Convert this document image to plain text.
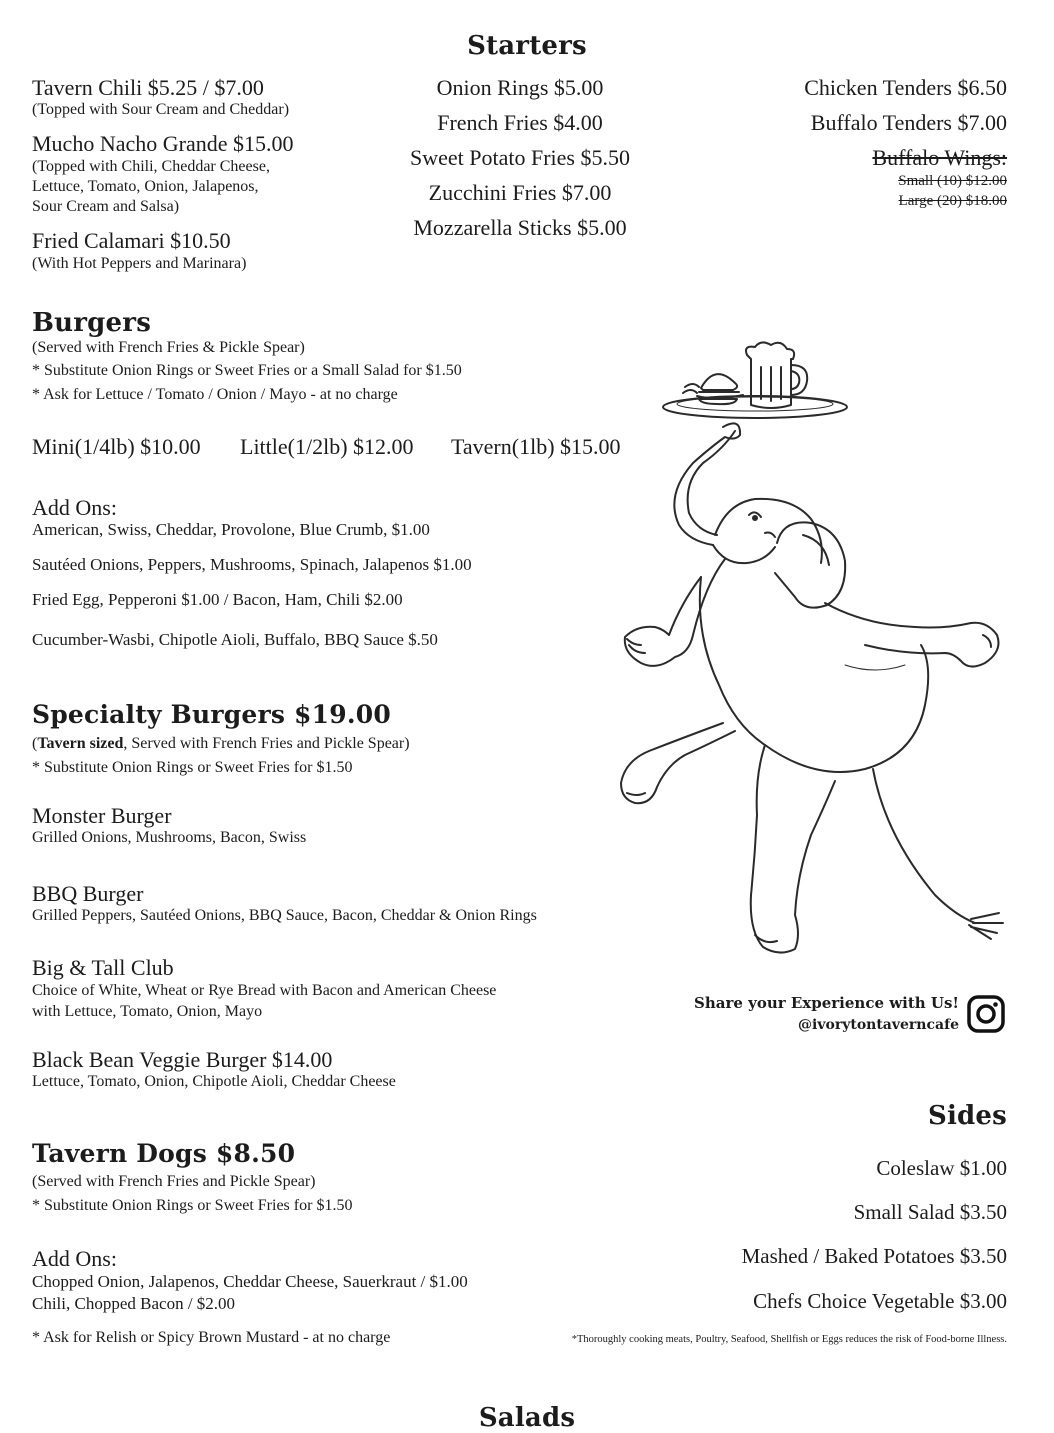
Starters
Tavern Chili $5.25 / $7.00
(Topped with Sour Cream and Cheddar)
Mucho Nacho Grande $15.00
(Topped with Chili, Cheddar Cheese,
Lettuce, Tomato, Onion, Jalapenos,
Sour Cream and Salsa)
Fried Calamari $10.50
(With Hot Peppers and Marinara)
Onion Rings $5.00
French Fries $4.00
Sweet Potato Fries $5.50
Zucchini Fries $7.00
Mozzarella Sticks $5.00
Chicken Tenders $6.50
Buffalo Tenders $7.00
Buffalo Wings:
Small (10) $12.00
Large (20) $18.00
Burgers
(Served with French Fries & Pickle Spear)
* Substitute Onion Rings or Sweet Fries or a Small Salad for $1.50
* Ask for Lettuce / Tomato / Onion / Mayo - at no charge
Mini(1/4lb) $10.00 Little(1/2lb) $12.00 Tavern(1lb) $15.00
Add Ons:
American, Swiss, Cheddar, Provolone, Blue Crumb, $1.00
Sautéed Onions, Peppers, Mushrooms, Spinach, Jalapenos $1.00
Fried Egg, Pepperoni $1.00 / Bacon, Ham, Chili $2.00
Cucumber-Wasbi, Chipotle Aioli, Buffalo, BBQ Sauce $.50
Specialty Burgers $19.00
(Tavern sized, Served with French Fries and Pickle Spear)
* Substitute Onion Rings or Sweet Fries for $1.50
Monster Burger
Grilled Onions, Mushrooms, Bacon, Swiss
BBQ Burger
Grilled Peppers, Sautéed Onions, BBQ Sauce, Bacon, Cheddar & Onion Rings
Big & Tall Club
Choice of White, Wheat or Rye Bread with Bacon and American Cheese
with Lettuce, Tomato, Onion, Mayo
Black Bean Veggie Burger $14.00
Lettuce, Tomato, Onion, Chipotle Aioli, Cheddar Cheese
Tavern Dogs $8.50
(Served with French Fries and Pickle Spear)
* Substitute Onion Rings or Sweet Fries for $1.50
Add Ons:
Chopped Onion, Jalapenos, Cheddar Cheese, Sauerkraut / $1.00
Chili, Chopped Bacon / $2.00
* Ask for Relish or Spicy Brown Mustard - at no charge
Share your Experience with Us!
@ivorytontaverncafe
Sides
Coleslaw $1.00
Small Salad $3.50
Mashed / Baked Potatoes $3.50
Chefs Choice Vegetable $3.00
*Thoroughly cooking meats, Poultry, Seafood, Shellfish or Eggs reduces the risk of Food-borne Illness.
Salads
